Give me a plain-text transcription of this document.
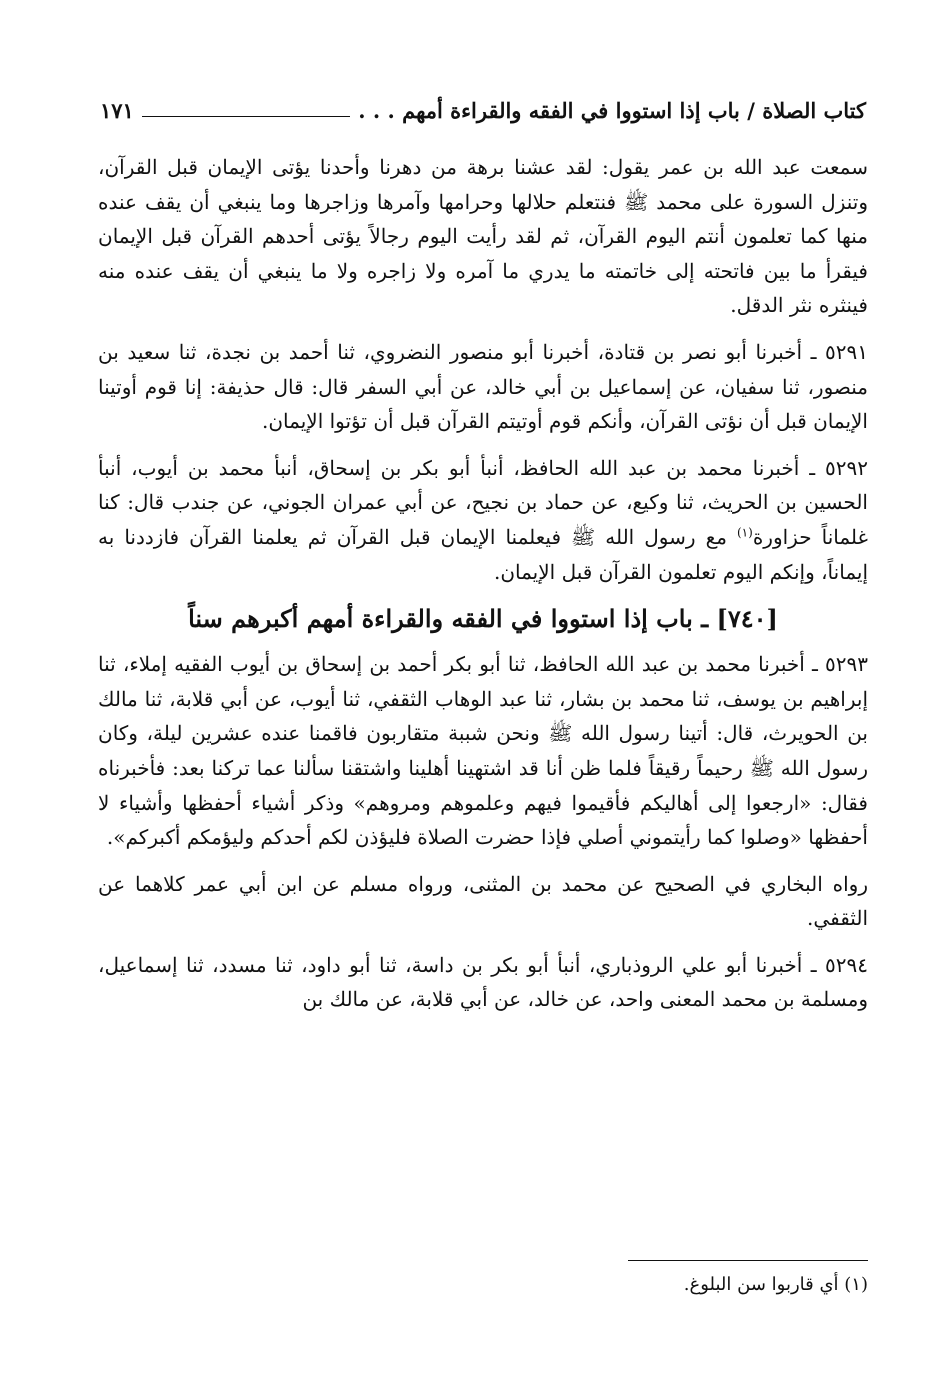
كتاب الصلاة / باب إذا استووا في الفقه والقراءة أمهم . . .
١٧١

سمعت عبد الله بن عمر يقول: لقد عشنا برهة من دهرنا وأحدنا يؤتى الإيمان قبل القرآن، وتنزل السورة على محمد ﷺ فنتعلم حلالها وحرامها وآمرها وزاجرها وما ينبغي أن يقف عنده منها كما تعلمون أنتم اليوم القرآن، ثم لقد رأيت اليوم رجالاً يؤتى أحدهم القرآن قبل الإيمان فيقرأ ما بين فاتحته إلى خاتمته ما يدري ما آمره ولا زاجره ولا ما ينبغي أن يقف عنده منه فينثره نثر الدقل.

٥٢٩١ ـ أخبرنا أبو نصر بن قتادة، أخبرنا أبو منصور النضروي، ثنا أحمد بن نجدة، ثنا سعيد بن منصور، ثنا سفيان، عن إسماعيل بن أبي خالد، عن أبي السفر قال: قال حذيفة: إنا قوم أوتينا الإيمان قبل أن نؤتى القرآن، وأنكم قوم أوتيتم القرآن قبل أن تؤتوا الإيمان.

٥٢٩٢ ـ أخبرنا محمد بن عبد الله الحافظ، أنبأ أبو بكر بن إسحاق، أنبأ محمد بن أيوب، أنبأ الحسين بن الحريث، ثنا وكيع، عن حماد بن نجيح، عن أبي عمران الجوني، عن جندب قال: كنا غلماناً حزاورة$^{(١)}$ مع رسول الله ﷺ فيعلمنا الإيمان قبل القرآن ثم يعلمنا القرآن فازددنا به إيماناً، وإنكم اليوم تعلمون القرآن قبل الإيمان.

[٧٤٠] ـ باب إذا استووا في الفقه والقراءة أمهم أكبرهم سناً

٥٢٩٣ ـ أخبرنا محمد بن عبد الله الحافظ، ثنا أبو بكر أحمد بن إسحاق بن أيوب الفقيه إملاء، ثنا إبراهيم بن يوسف، ثنا محمد بن بشار، ثنا عبد الوهاب الثقفي، ثنا أيوب، عن أبي قلابة، ثنا مالك بن الحويرث، قال: أتينا رسول الله ﷺ ونحن شببة متقاربون فاقمنا عنده عشرين ليلة، وكان رسول الله ﷺ رحيماً رقيقاً فلما ظن أنا قد اشتهينا أهلينا واشتقنا سألنا عما تركنا بعد: فأخبرناه فقال: «ارجعوا إلى أهاليكم فأقيموا فيهم وعلموهم ومروهم» وذكر أشياء أحفظها وأشياء لا أحفظها «وصلوا كما رأيتموني أصلي فإذا حضرت الصلاة فليؤذن لكم أحدكم وليؤمكم أكبركم».

رواه البخاري في الصحيح عن محمد بن المثنى، ورواه مسلم عن ابن أبي عمر كلاهما عن الثقفي.

٥٢٩٤ ـ أخبرنا أبو علي الروذباري، أنبأ أبو بكر بن داسة، ثنا أبو داود، ثنا مسدد، ثنا إسماعيل، ومسلمة بن محمد المعنى واحد، عن خالد، عن أبي قلابة، عن مالك بن

(١) أي قاربوا سن البلوغ.
